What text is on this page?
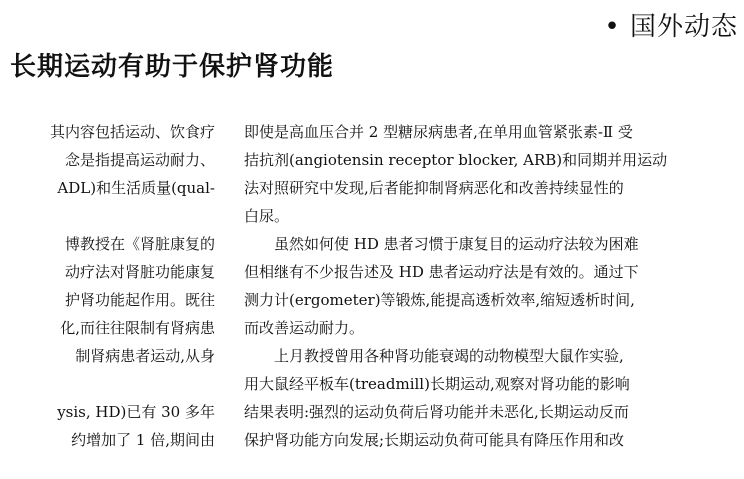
• 国外动态
长期运动有助于保护肾功能
其内容包括运动、饮食疗
念是指提高运动耐力、
ADL)和生活质量(qual-
博教授在《肾脏康复的
动疗法对肾脏功能康复
护肾功能起作用。既往
化,而往往限制有肾病患
制肾病患者运动,从身
ysis, HD)已有 30 多年
约增加了 1 倍,期间由
即使是高血压合并 2 型糖尿病患者,在单用血管紧张素-Ⅱ 受
拮抗剂(angiotensin receptor blocker, ARB)和同期并用运动
法对照研究中发现,后者能抑制肾病恶化和改善持续显性的
白尿。
　　虽然如何使 HD 患者习惯于康复目的运动疗法较为困难
但相继有不少报告述及 HD 患者运动疗法是有效的。通过下
测力计(ergometer)等锻炼,能提高透析效率,缩短透析时间,
而改善运动耐力。
　　上月教授曾用各种肾功能衰竭的动物模型大鼠作实验,
用大鼠经平板车(treadmill)长期运动,观察对肾功能的影响
结果表明:强烈的运动负荷后肾功能并未恶化,长期运动反而
保护肾功能方向发展;长期运动负荷可能具有降压作用和改
